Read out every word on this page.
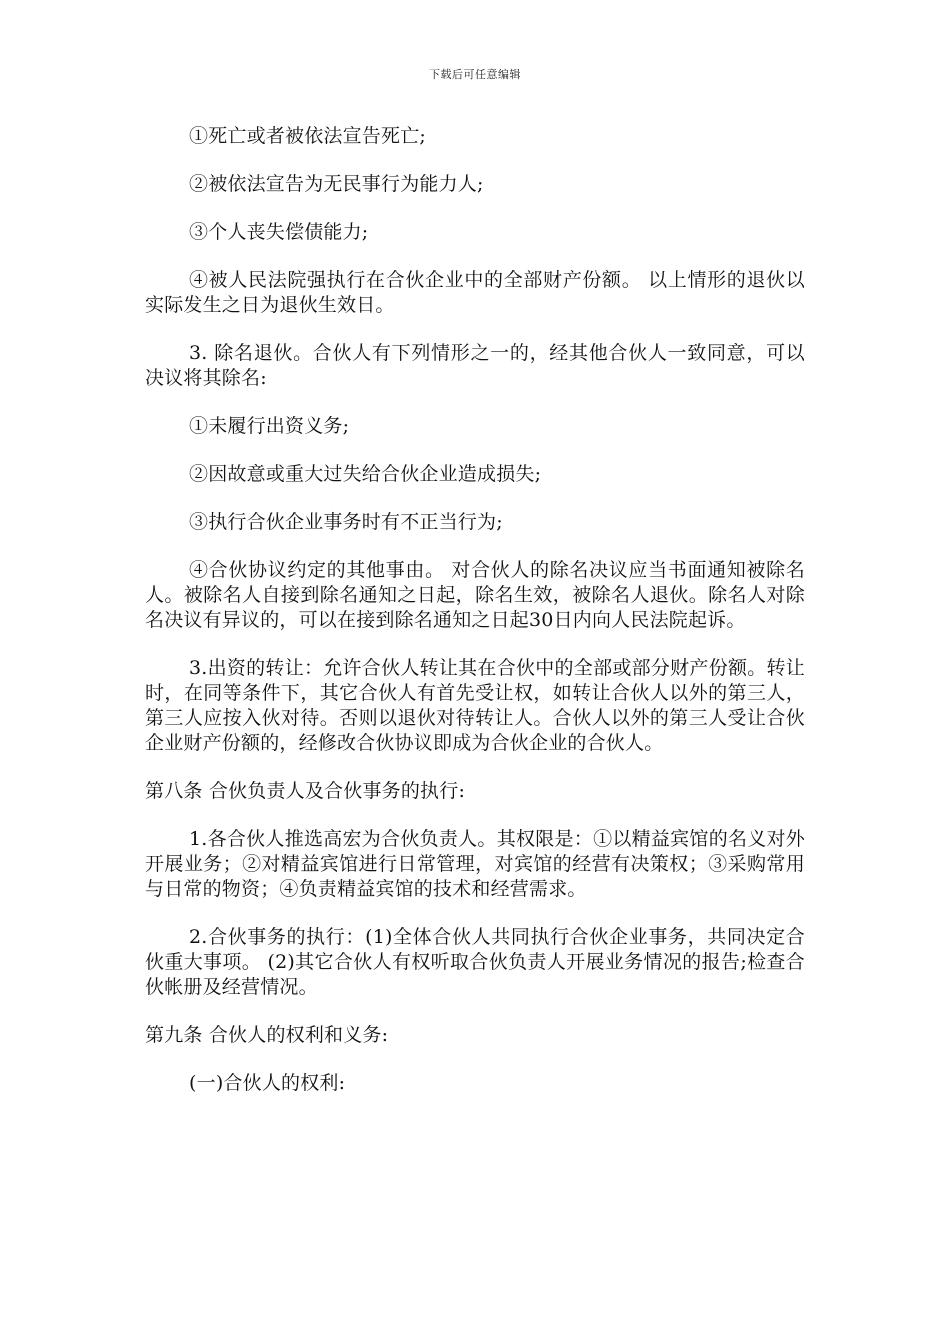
下载后可任意编辑

①死亡或者被依法宣告死亡;

②被依法宣告为无民事行为能力人;

③个人丧失偿债能力;

④被人民法院强执行在合伙企业中的全部财产份额。 以上情形的退伙以实际发生之日为退伙生效日。

3. 除名退伙。合伙人有下列情形之一的，经其他合伙人一致同意，可以决议将其除名:

①未履行出资义务;

②因故意或重大过失给合伙企业造成损失;

③执行合伙企业事务时有不正当行为;

④合伙协议约定的其他事由。 对合伙人的除名决议应当书面通知被除名人。被除名人自接到除名通知之日起，除名生效，被除名人退伙。除名人对除名决议有异议的，可以在接到除名通知之日起30日内向人民法院起诉。

3.出资的转让：允许合伙人转让其在合伙中的全部或部分财产份额。转让时，在同等条件下，其它合伙人有首先受让权，如转让合伙人以外的第三人，第三人应按入伙对待。否则以退伙对待转让人。合伙人以外的第三人受让合伙企业财产份额的，经修改合伙协议即成为合伙企业的合伙人。

第八条 合伙负责人及合伙事务的执行:

1.各合伙人推选高宏为合伙负责人。其权限是：①以精益宾馆的名义对外开展业务；②对精益宾馆进行日常管理，对宾馆的经营有决策权；③采购常用与日常的物资；④负责精益宾馆的技术和经营需求。

2.合伙事务的执行：(1)全体合伙人共同执行合伙企业事务，共同决定合伙重大事项。 (2)其它合伙人有权听取合伙负责人开展业务情况的报告;检查合伙帐册及经营情况。

第九条 合伙人的权利和义务:

(一)合伙人的权利:
